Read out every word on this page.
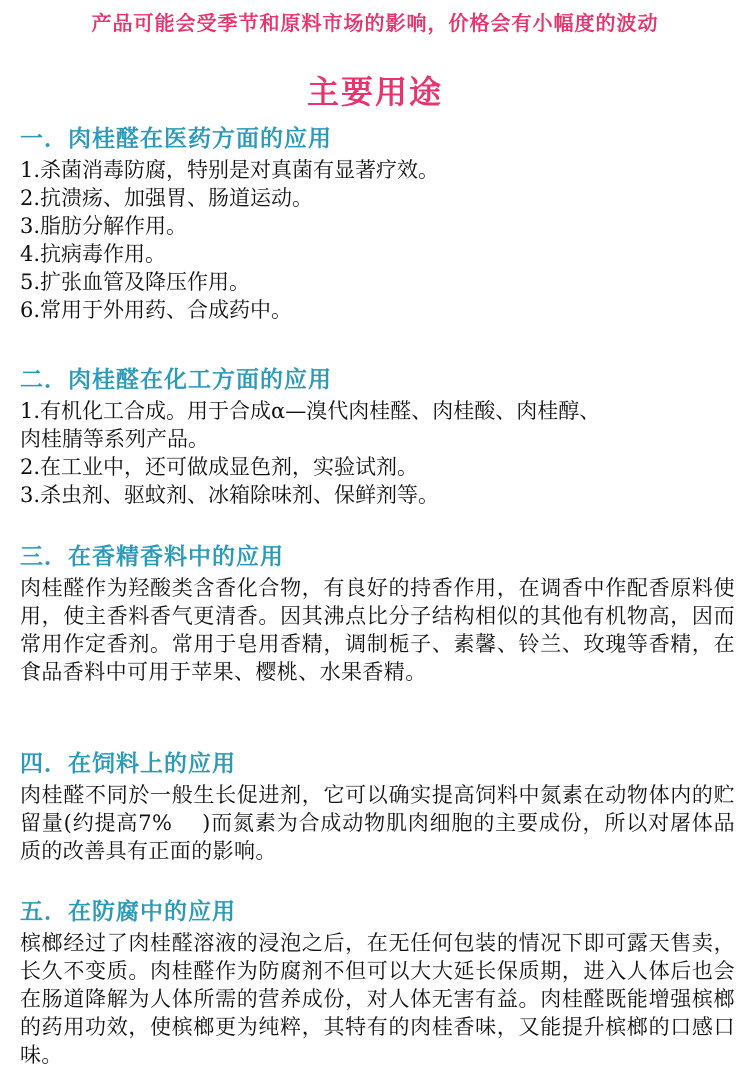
产品可能会受季节和原料市场的影响，价格会有小幅度的波动
主要用途
一．肉桂醛在医药方面的应用

1.杀菌消毒防腐，特别是对真菌有显著疗效。

2.抗溃疡、加强胃、肠道运动。

3.脂肪分解作用。

4.抗病毒作用。

5.扩张血管及降压作用。

6.常用于外用药、合成药中。

二．肉桂醛在化工方面的应用

1.有机化工合成。用于合成α—溴代肉桂醛、肉桂酸、肉桂醇、

肉桂腈等系列产品。

2.在工业中，还可做成显色剂，实验试剂。

3.杀虫剂、驱蚊剂、冰箱除味剂、保鲜剂等。

三．在香精香料中的应用

肉桂醛作为羟酸类含香化合物，有良好的持香作用，在调香中作配香原料使用，使主香料香气更清香。因其沸点比分子结构相似的其他有机物高，因而常用作定香剂。常用于皂用香精，调制栀子、素馨、铃兰、玫瑰等香精，在食品香料中可用于苹果、樱桃、水果香精。

四．在饲料上的应用

肉桂醛不同於一般生长促进剂，它可以确实提高饲料中氮素在动物体内的贮留量(约提高7%　 )而氮素为合成动物肌肉细胞的主要成份，所以对屠体品质的改善具有正面的影响。

五．在防腐中的应用

槟榔经过了肉桂醛溶液的浸泡之后，在无任何包装的情况下即可露天售卖，长久不变质。肉桂醛作为防腐剂不但可以大大延长保质期，进入人体后也会在肠道降解为人体所需的营养成份，对人体无害有益。肉桂醛既能增强槟榔的药用功效，使槟榔更为纯粹，其特有的肉桂香味，又能提升槟榔的口感口味。
